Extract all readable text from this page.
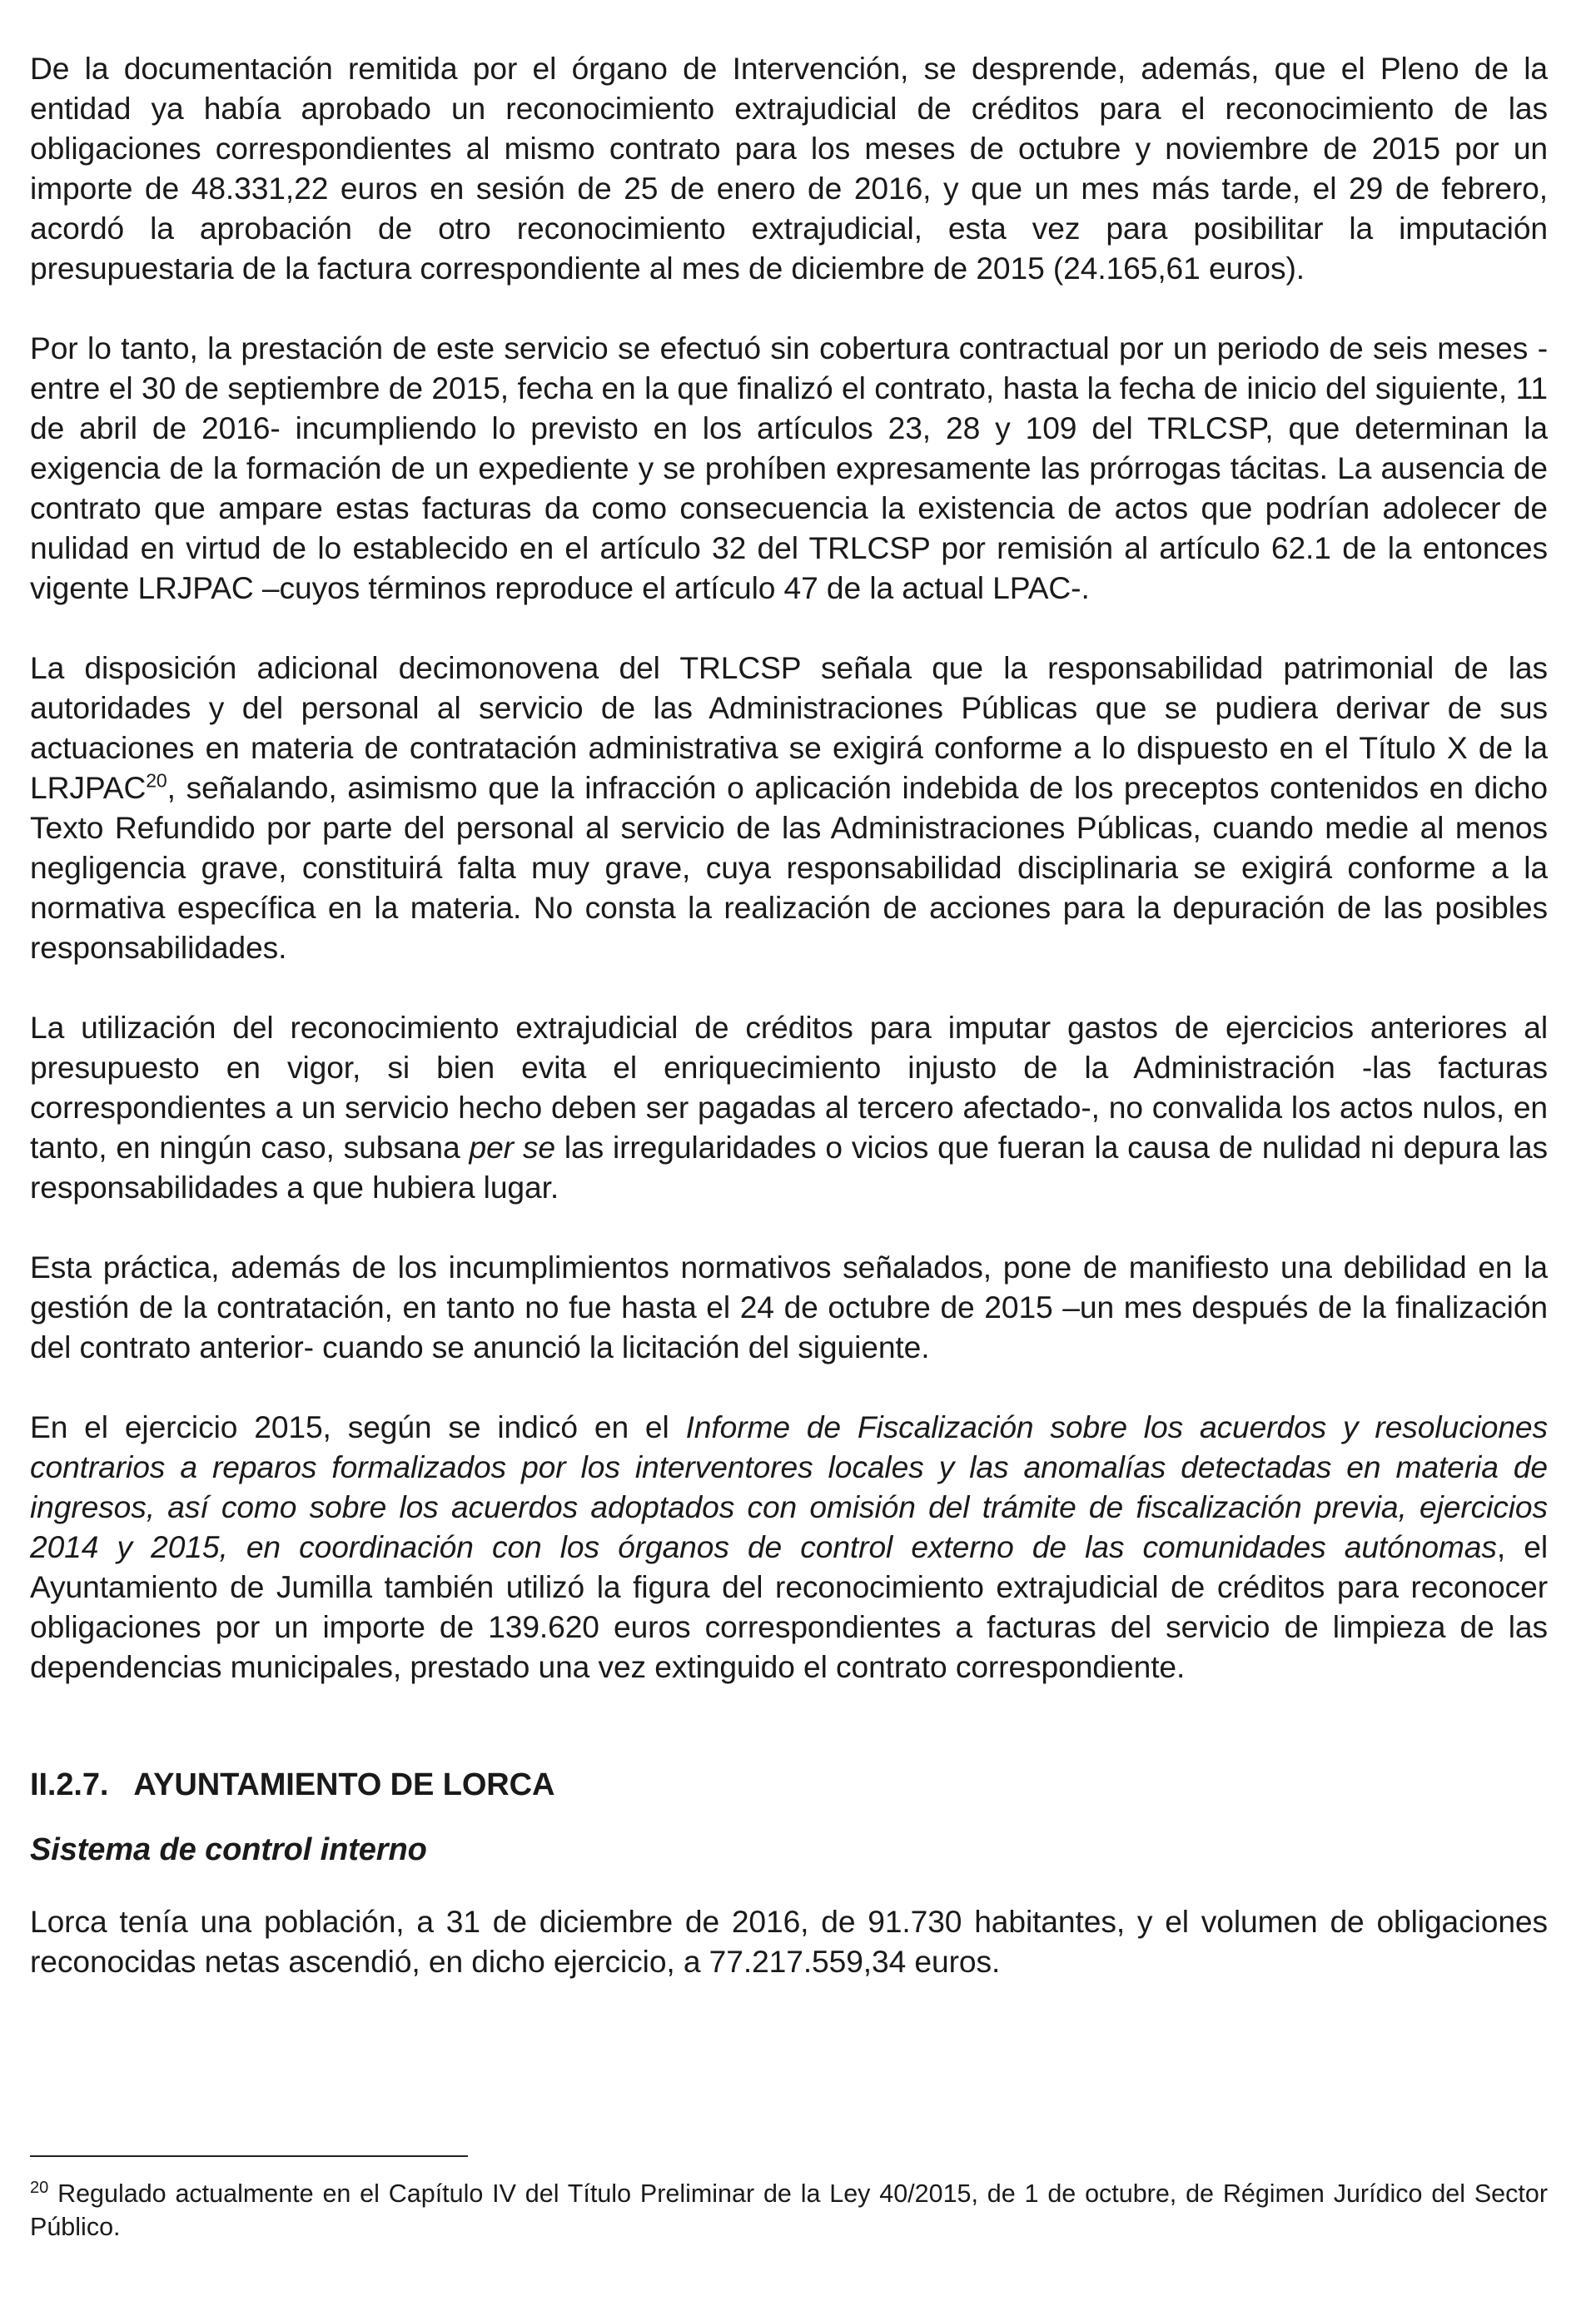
De la documentación remitida por el órgano de Intervención, se desprende, además, que el Pleno de la entidad ya había aprobado un reconocimiento extrajudicial de créditos para el reconocimiento de las obligaciones correspondientes al mismo contrato para los meses de octubre y noviembre de 2015 por un importe de 48.331,22 euros en sesión de 25 de enero de 2016, y que un mes más tarde, el 29 de febrero, acordó la aprobación de otro reconocimiento extrajudicial, esta vez para posibilitar la imputación presupuestaria de la factura correspondiente al mes de diciembre de 2015 (24.165,61 euros).

Por lo tanto, la prestación de este servicio se efectuó sin cobertura contractual por un periodo de seis meses -entre el 30 de septiembre de 2015, fecha en la que finalizó el contrato, hasta la fecha de inicio del siguiente, 11 de abril de 2016- incumpliendo lo previsto en los artículos 23, 28 y 109 del TRLCSP, que determinan la exigencia de la formación de un expediente y se prohíben expresamente las prórrogas tácitas. La ausencia de contrato que ampare estas facturas da como consecuencia la existencia de actos que podrían adolecer de nulidad en virtud de lo establecido en el artículo 32 del TRLCSP por remisión al artículo 62.1 de la entonces vigente LRJPAC –cuyos términos reproduce el artículo 47 de la actual LPAC-.

La disposición adicional decimonovena del TRLCSP señala que la responsabilidad patrimonial de las autoridades y del personal al servicio de las Administraciones Públicas que se pudiera derivar de sus actuaciones en materia de contratación administrativa se exigirá conforme a lo dispuesto en el Título X de la LRJPAC$^{20}$, señalando, asimismo que la infracción o aplicación indebida de los preceptos contenidos en dicho Texto Refundido por parte del personal al servicio de las Administraciones Públicas, cuando medie al menos negligencia grave, constituirá falta muy grave, cuya responsabilidad disciplinaria se exigirá conforme a la normativa específica en la materia. No consta la realización de acciones para la depuración de las posibles responsabilidades.

La utilización del reconocimiento extrajudicial de créditos para imputar gastos de ejercicios anteriores al presupuesto en vigor, si bien evita el enriquecimiento injusto de la Administración -las facturas correspondientes a un servicio hecho deben ser pagadas al tercero afectado-, no convalida los actos nulos, en tanto, en ningún caso, subsana per se las irregularidades o vicios que fueran la causa de nulidad ni depura las responsabilidades a que hubiera lugar.

Esta práctica, además de los incumplimientos normativos señalados, pone de manifiesto una debilidad en la gestión de la contratación, en tanto no fue hasta el 24 de octubre de 2015 –un mes después de la finalización del contrato anterior- cuando se anunció la licitación del siguiente.

En el ejercicio 2015, según se indicó en el Informe de Fiscalización sobre los acuerdos y resoluciones contrarios a reparos formalizados por los interventores locales y las anomalías detectadas en materia de ingresos, así como sobre los acuerdos adoptados con omisión del trámite de fiscalización previa, ejercicios 2014 y 2015, en coordinación con los órganos de control externo de las comunidades autónomas, el Ayuntamiento de Jumilla también utilizó la figura del reconocimiento extrajudicial de créditos para reconocer obligaciones por un importe de 139.620 euros correspondientes a facturas del servicio de limpieza de las dependencias municipales, prestado una vez extinguido el contrato correspondiente.

II.2.7.   AYUNTAMIENTO DE LORCA
Sistema de control interno

Lorca tenía una población, a 31 de diciembre de 2016, de 91.730 habitantes, y el volumen de obligaciones reconocidas netas ascendió, en dicho ejercicio, a 77.217.559,34 euros.

$^{20}$ Regulado actualmente en el Capítulo IV del Título Preliminar de la Ley 40/2015, de 1 de octubre, de Régimen Jurídico del Sector Público.
